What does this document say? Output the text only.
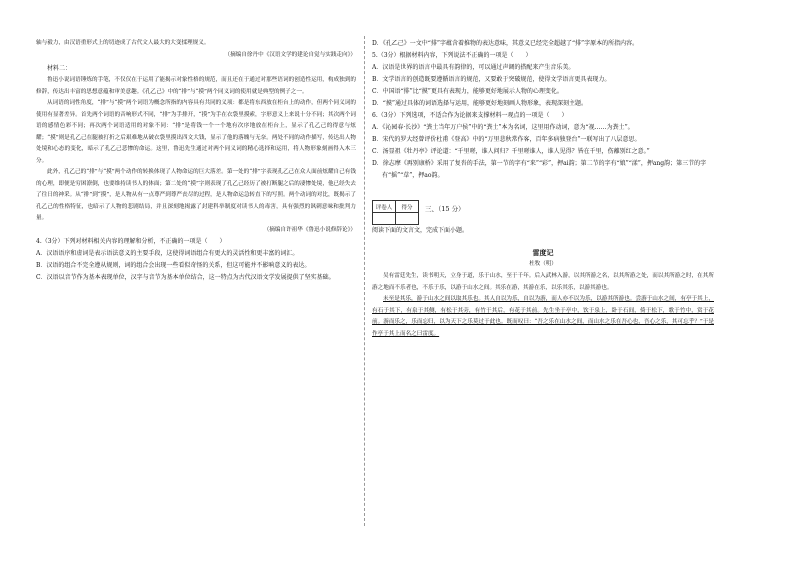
轴与毅力，由汉语重形式上的切迹成了古代文人最大的大变揉理规义。

（摘编自徐丹中《汉语文学的建论自觉与实践走向》）

材料二：

鲁迅小说词语锤炼的手笔，不仅仅在于运用了能揭示对象性格的规范，而且还在于通过对那些语词的创造性运用，构成独到的修辞，传达出丰富的思想意蕴和审美意趣。《孔乙己》中的“排”与“摸”两个同义词的使用就是典型的例子之一。

从词语的词性角度，“排”与“摸”两个词语为概念所指的内容具有共同的义项：都是将东西放在柜台上的动作，但两个同义词的使用有显著差异。首先两个词语的音响形式不同，“排”为手排开，“摸”为手在衣袋里摸索，字形意义上来说十分不同；其次两个词语的感情色彩不同；再次两个词语适用的对象不同：“排”是将钱一个一个地有次序地放在柜台上，显示了孔乙己的得意与炫耀；“摸”则是孔乙己在腿被打折之后艰难地从破衣袋里摸出四文大钱，显示了他的落魄与无奈。两处不同的动作描写，传达出人物处境和心态的变化，暗示了孔乙己悲惨的命运。这里，鲁迅先生通过对两个同义词的精心选择和运用，将人物形象刻画得入木三分。

此外，孔乙己的“排”与“摸”两个动作的转换体现了人物命运的巨大落差。第一处的“排”字表现孔乙己在众人面前炫耀自己有钱的心理，即便是穷困潦倒，也要维持读书人的体面；第二处的“摸”字则表现了孔乙己经历了被打断腿之后的凄惨处境，他已经失去了往日的神采。从“排”到“摸”，是人物从有一点尊严到尊严丧尽的过程，是人物命运急转直下的写照。两个动词的对比，既揭示了孔乙己的性格特征，也暗示了人物的悲剧结局，并且深刻地揭露了封建科举制度对读书人的毒害，具有强烈的讽刺意味和批判力量。

（摘编自许祖华《鲁迅小说修辞论》）

4.（3分）下列对材料相关内容的理解和分析，不正确的一项是（　　）

A．汉语语序和虚词是表示语法意义的主要手段，这使得词语组合有更大的灵活性和更丰富的词汇。

B．汉语的组合不完全遵从规则，词的组合会出现一些看似奇怪的关系，但这可能并不影响意义的表达。

C．汉语以音节作为基本表现单位，汉字与音节为基本单位结合，这一特点为古代汉语文学发展提供了坚实基础。

D．《孔乙己》一文中“排”字蕴含着推物的表达意味，其意义已经完全超越了“排”字原本的所指内容。

5.（3分）根据材料内容，下列说法不正确的一项是（　　）

A．汉语是世界的语言中最具有韵律的，可以通过声调的搭配来产生音乐美。

B．文学语言的创造既要遵循语言的规范，又要敢于突破规范，使得文学语言更具表现力。

C．中国语“排”比“摸”更具有表现力，能够更好地展示人物的心理变化。

D．“摸”通过具体的词语选择与运用，能够更好地刻画人物形象，表现深刻主题。

6.（3分）下列选项，不适合作为论据来支撑材料一观点的一项是（　　）

A．《沁园春·长沙》“粪土当年万户侯”中的“粪土”本为名词，这里用作动词，意为“视……为粪土”。

B．宋代的罗大经曾评价杜甫《登高》中的“万里悲秋常作客，百年多病独登台”一联写出了八层意思。

C．汤显祖《牡丹亭》评论道：“千里嗟，谁人问归？千里嗟谁人，谁人见得？皆在千里，伤離别红之意。”

D．徐志摩《再别康桥》采用了复沓的手法，第一节的字有“来”“彩”，押ai韵；第二节的字有“娘”“漾”，押ang韵；第三节的字有“摇”“草”，押ao韵。

评卷人	得分
	三、（15 分）

阅读下面的文言文，完成下面小题。

雷度记

杜牧（明）

吴有雷廷先生，读书明天，立身于道，乐于山水，至于千年。后入武林入游，以其所游之名，以其所游之处，而以其所游之时，在其所游之地而不乐者也，不乐于乐，以游于山水之间。其乐在游，其游在乐，以乐其乐，以游其游也。

未至是其乐，游于山水之间以取其乐也。其人自以为乐，自以为游，而人亦不以为乐，以游其所游也。尝游于山水之间，有亭于其上，有石于其下，有泉于其侧，有松于其旁，有竹于其后，有花于其前。先生坐于亭中，饮于泉上，卧于石间，倚于松下，歌于竹中，赏于花前。游而乐之，乐而忘归，以为天下之乐莫过于此也。既而叹曰：“吾之乐在山水之间，而山水之乐在吾心也，吾心之乐，其可忘乎？”于是作亭于其上而名之曰雷度。
